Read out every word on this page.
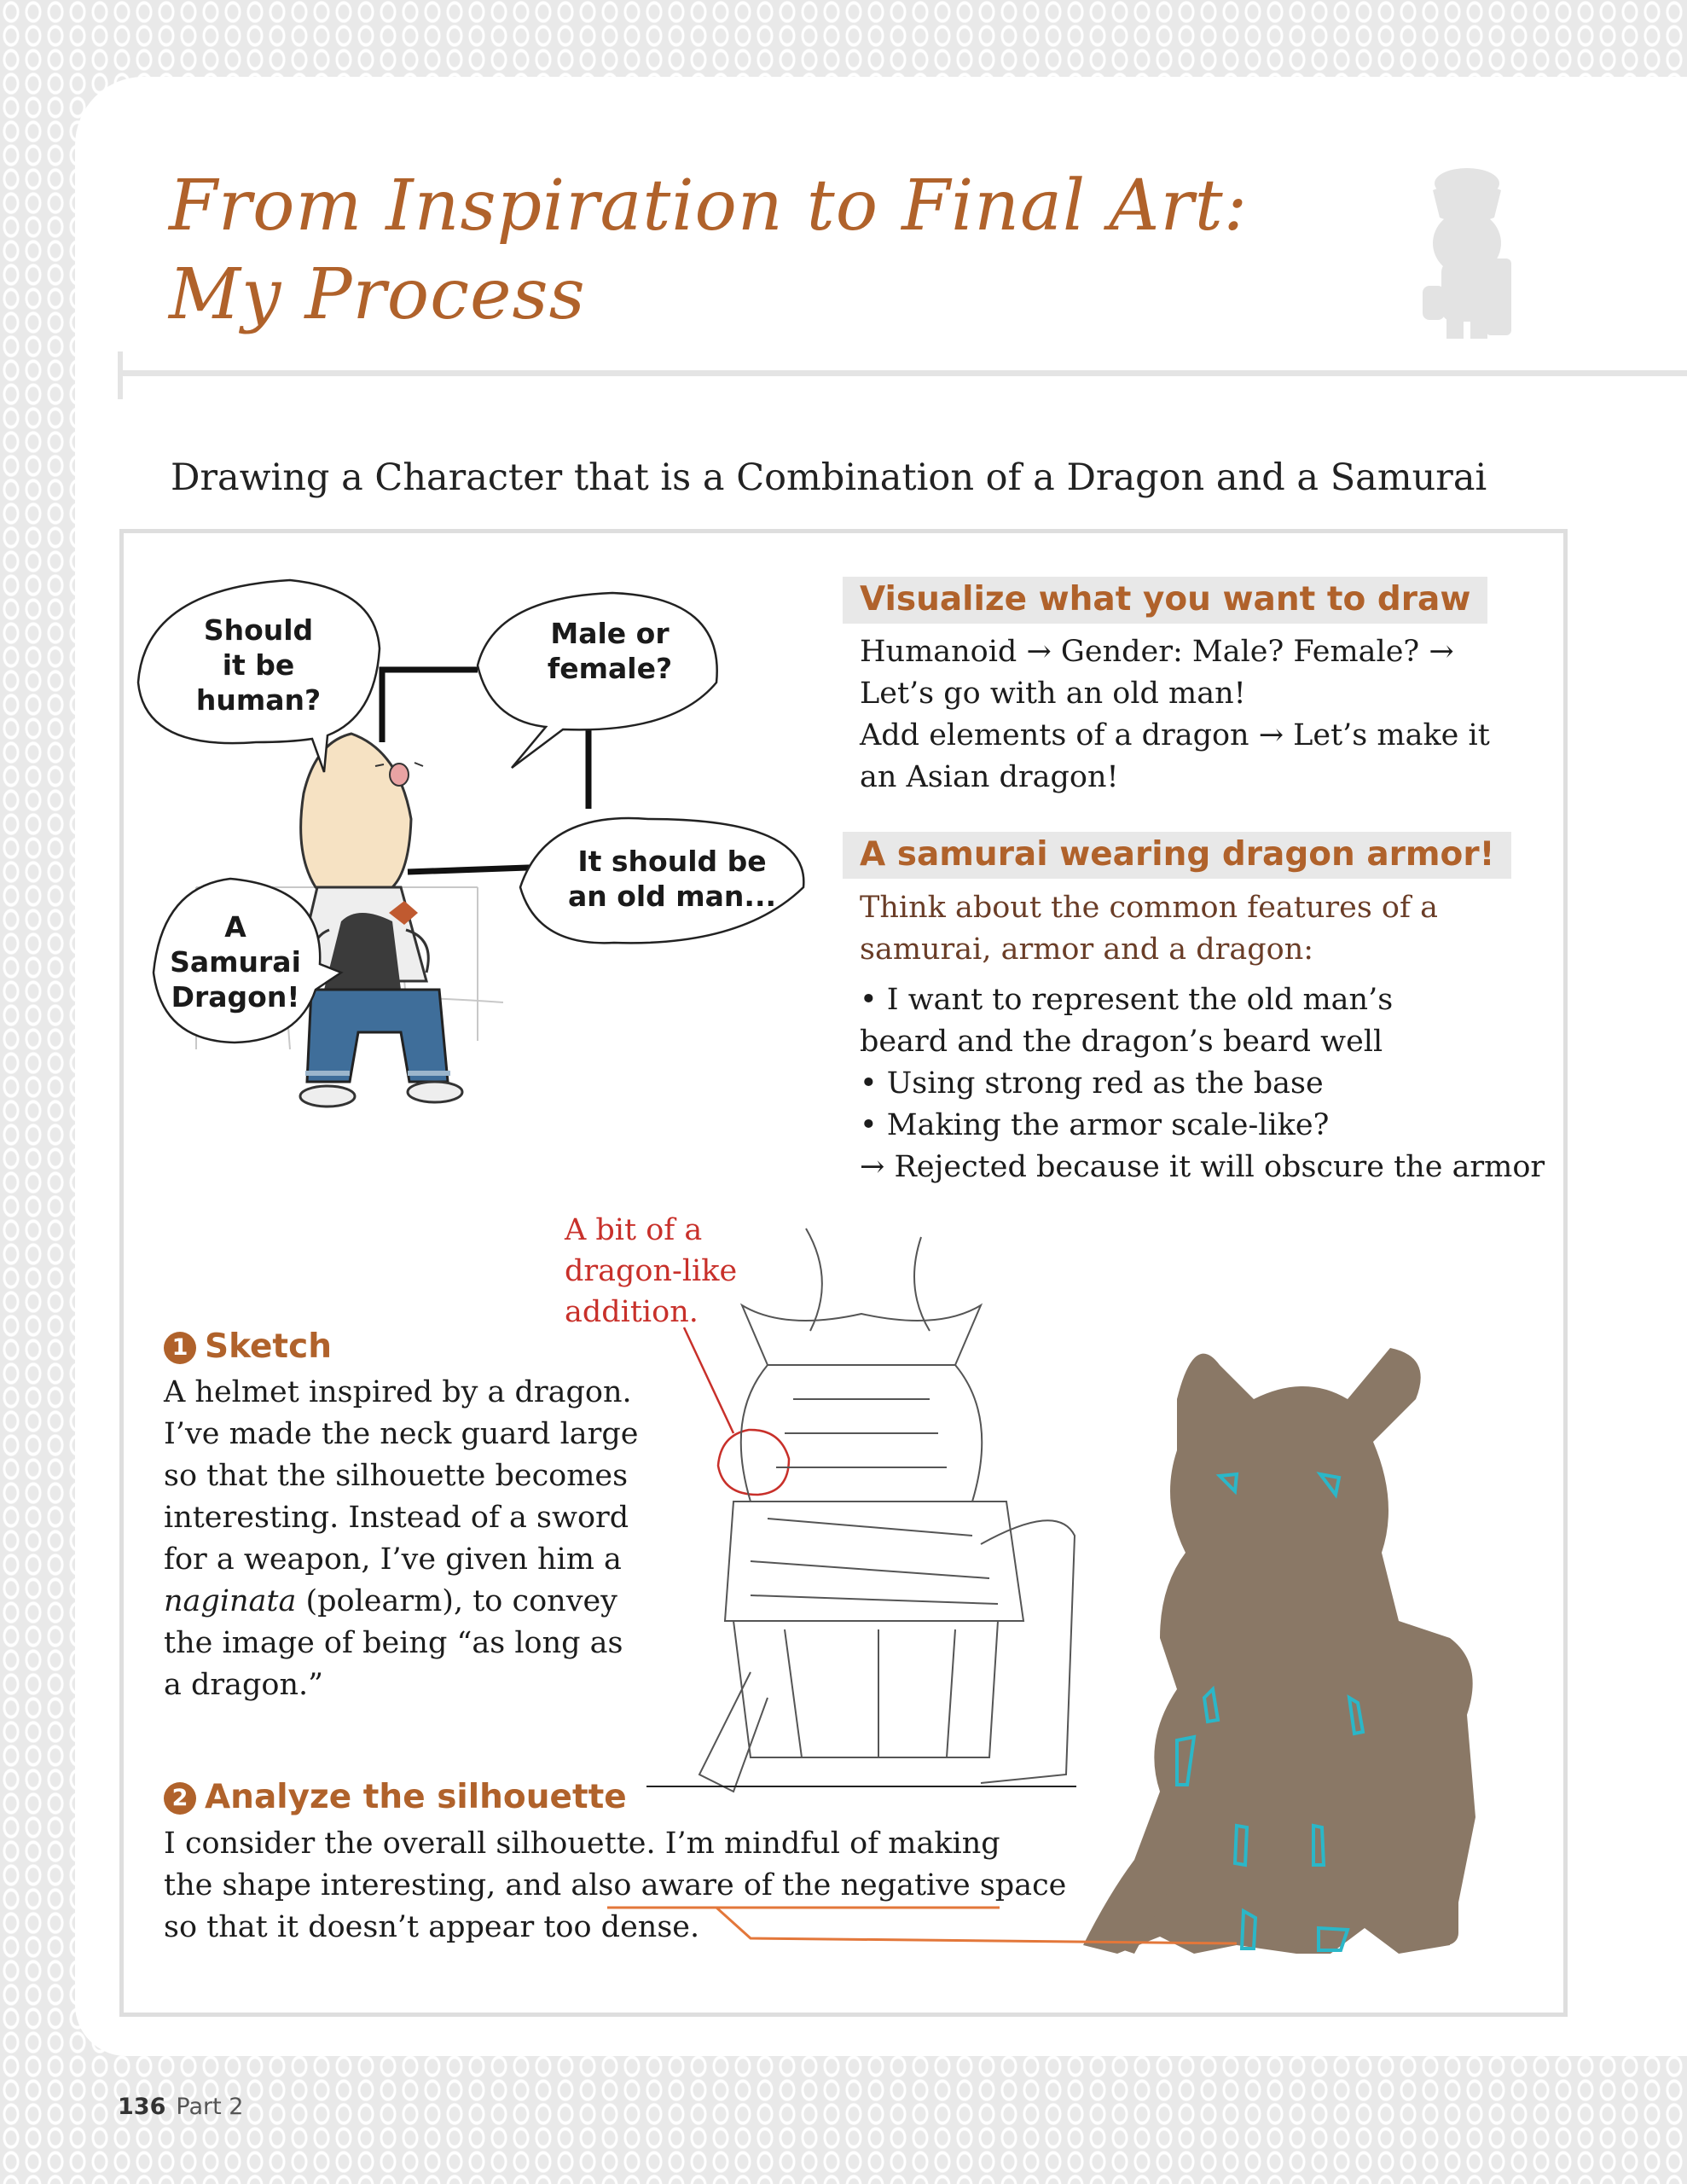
From Inspiration to Final Art:
My Process
Drawing a Character that is a Combination of a Dragon and a Samurai
Should
it be
human?
Male or
female?
It should be
an old man...
A
Samurai
Dragon!
Visualize what you want to draw
Humanoid → Gender: Male? Female? →
Let’s go with an old man!
Add elements of a dragon → Let’s make it
an Asian dragon!
A samurai wearing dragon armor!
Think about the common features of a
samurai, armor and a dragon:
• I want to represent the old man’s
beard and the dragon’s beard well
• Using strong red as the base
• Making the armor scale-like?
→ Rejected because it will obscure the armor
A bit of a
dragon-like
addition.
1 Sketch
A helmet inspired by a dragon.
I’ve made the neck guard large
so that the silhouette becomes
interesting. Instead of a sword
for a weapon, I’ve given him a
naginata (polearm), to convey
the image of being “as long as
a dragon.”
2 Analyze the silhouette
I consider the overall silhouette. I’m mindful of making
the shape interesting, and also aware of the negative space
so that it doesn’t appear too dense.
136 Part 2
